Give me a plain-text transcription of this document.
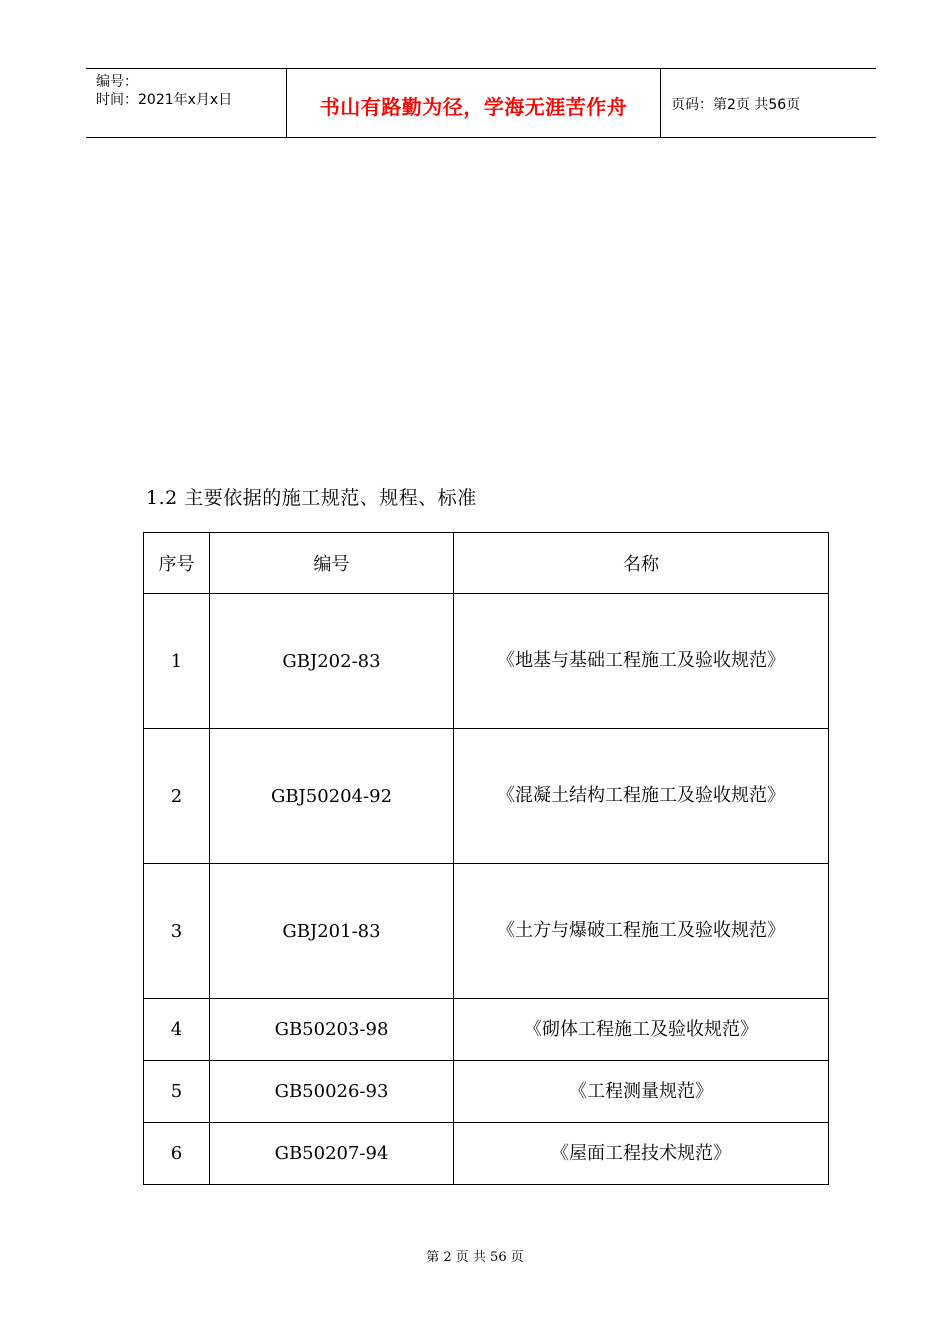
编号：
时间：2021年x月x日	书山有路勤为径，学海无涯苦作舟	页码：第2页 共56页
1.2 主要依据的施工规范、规程、标准
序号	编号	名称
1	GBJ202-83	《地基与基础工程施工及验收规范》
2	GBJ50204-92	《混凝土结构工程施工及验收规范》
3	GBJ201-83	《土方与爆破工程施工及验收规范》
4	GB50203-98	《砌体工程施工及验收规范》
5	GB50026-93	《工程测量规范》
6	GB50207-94	《屋面工程技术规范》
第 2 页 共 56 页
